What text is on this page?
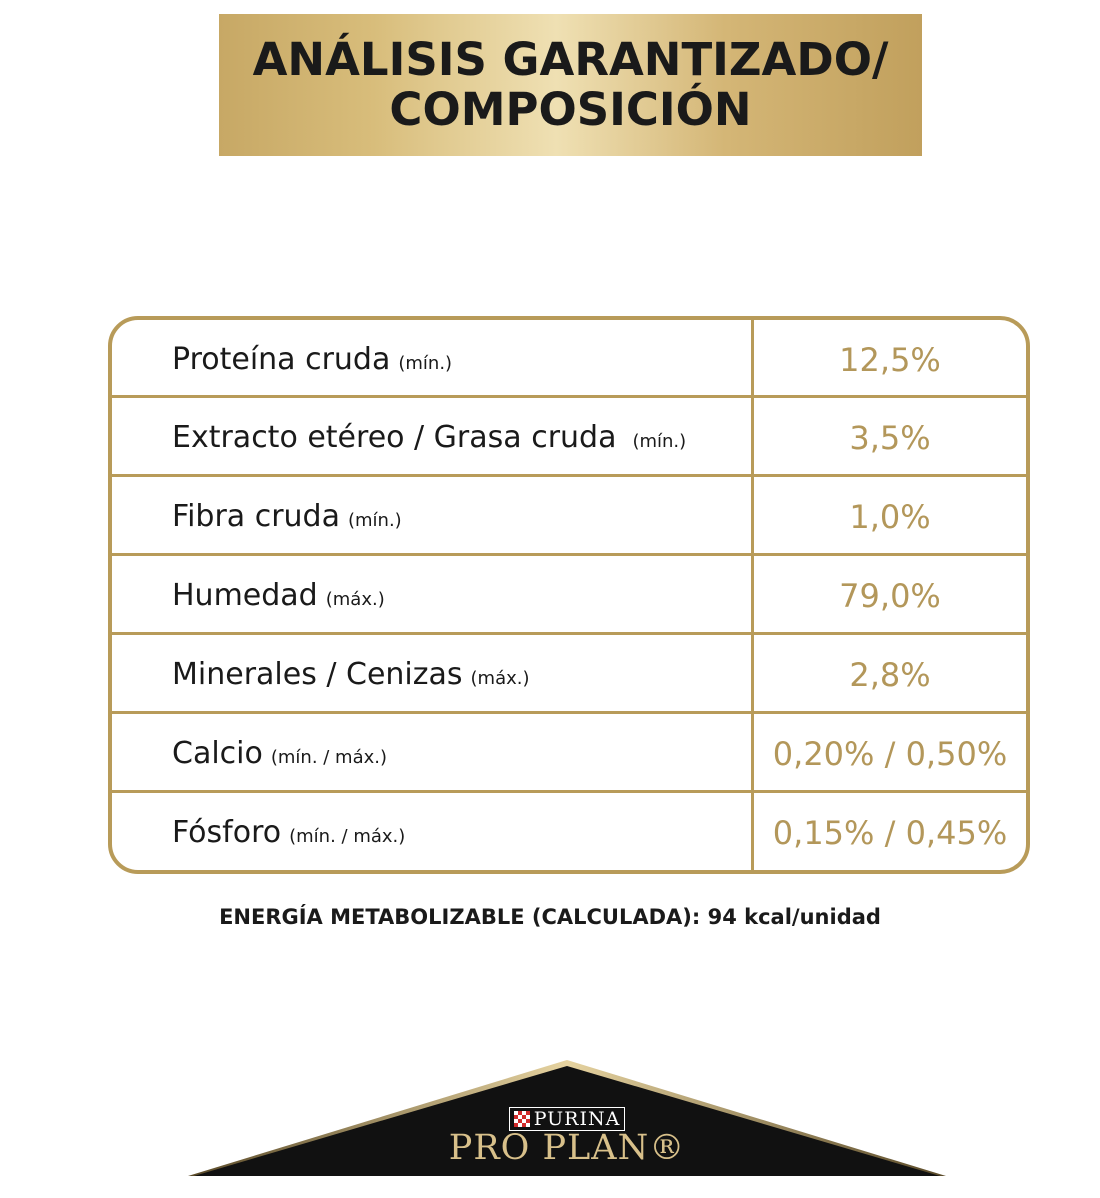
ANÁLISIS GARANTIZADO/
COMPOSICIÓN
Proteína cruda (mín.)	12,5%
Extracto etéreo / Grasa cruda (mín.)	3,5%
Fibra cruda (mín.)	1,0%
Humedad (máx.)	79,0%
Minerales / Cenizas (máx.)	2,8%
Calcio (mín. / máx.)	0,20% / 0,50%
Fósforo (mín. / máx.)	0,15% / 0,45%
ENERGÍA METABOLIZABLE (CALCULADA): 94 kcal/unidad
PURINA
PRO PLAN®
